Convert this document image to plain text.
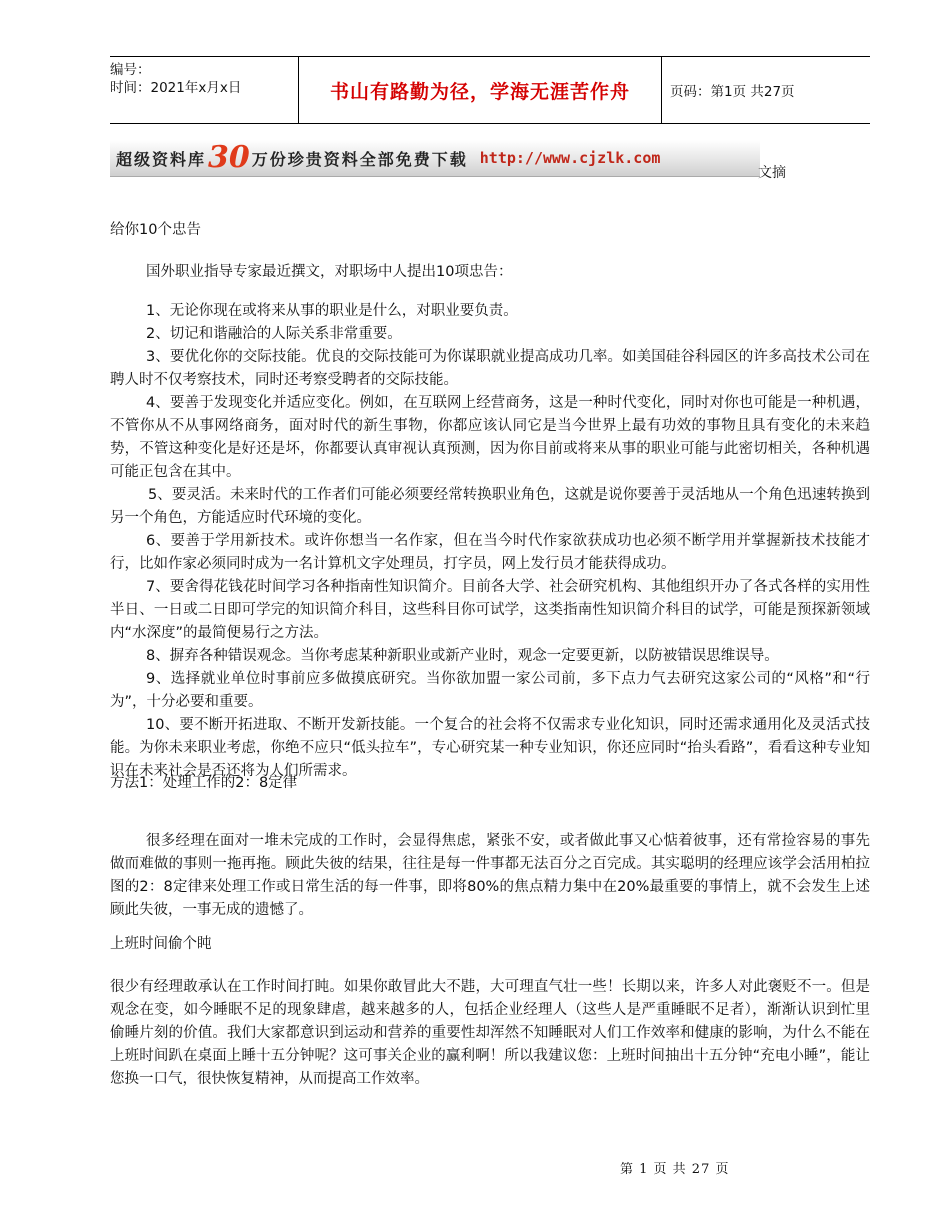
编号：
时间：2021年x月x日	书山有路勤为径，学海无涯苦作舟	页码：第1页 共27页
超级资料库 30 万份珍贵资料全部免费下载 http://www.cjzlk.com
文摘
给你10个忠告
国外职业指导专家最近撰文，对职场中人提出10项忠告：
1、无论你现在或将来从事的职业是什么，对职业要负责。
2、切记和谐融洽的人际关系非常重要。
3、要优化你的交际技能。优良的交际技能可为你谋职就业提高成功几率。如美国硅谷科园区的许多高技术公司在聘人时不仅考察技术，同时还考察受聘者的交际技能。
4、要善于发现变化并适应变化。例如，在互联网上经营商务，这是一种时代变化，同时对你也可能是一种机遇，不管你从不从事网络商务，面对时代的新生事物，你都应该认同它是当今世界上最有功效的事物且具有变化的未来趋势，不管这种变化是好还是坏，你都要认真审视认真预测，因为你目前或将来从事的职业可能与此密切相关，各种机遇可能正包含在其中。
5、要灵活。未来时代的工作者们可能必须要经常转换职业角色，这就是说你要善于灵活地从一个角色迅速转换到另一个角色，方能适应时代环境的变化。
6、要善于学用新技术。或许你想当一名作家，但在当今时代作家欲获成功也必须不断学用并掌握新技术技能才行，比如作家必须同时成为一名计算机文字处理员，打字员，网上发行员才能获得成功。
7、要舍得花钱花时间学习各种指南性知识简介。目前各大学、社会研究机构、其他组织开办了各式各样的实用性半日、一日或二日即可学完的知识简介科目，这些科目你可试学，这类指南性知识简介科目的试学，可能是预探新领域内“水深度”的最简便易行之方法。
8、摒弃各种错误观念。当你考虑某种新职业或新产业时，观念一定要更新，以防被错误思维误导。
9、选择就业单位时事前应多做摸底研究。当你欲加盟一家公司前，多下点力气去研究这家公司的“风格”和“行为”，十分必要和重要。
10、要不断开拓进取、不断开发新技能。一个复合的社会将不仅需求专业化知识，同时还需求通用化及灵活式技能。为你未来职业考虑，你绝不应只“低头拉车”，专心研究某一种专业知识，你还应同时“抬头看路”，看看这种专业知识在未来社会是否还将为人们所需求。
方法1：处理工作的2：8定律
很多经理在面对一堆未完成的工作时，会显得焦虑，紧张不安，或者做此事又心惦着彼事，还有常捡容易的事先做而难做的事则一拖再拖。顾此失彼的结果，往往是每一件事都无法百分之百完成。其实聪明的经理应该学会活用柏拉图的2：8定律来处理工作或日常生活的每一件事，即将80%的焦点精力集中在20%最重要的事情上，就不会发生上述顾此失彼，一事无成的遗憾了。
上班时间偷个盹
很少有经理敢承认在工作时间打盹。如果你敢冒此大不韪，大可理直气壮一些！长期以来，许多人对此褒贬不一。但是观念在变，如今睡眠不足的现象肆虐，越来越多的人，包括企业经理人（这些人是严重睡眠不足者），渐渐认识到忙里偷睡片刻的价值。我们大家都意识到运动和营养的重要性却浑然不知睡眠对人们工作效率和健康的影响，为什么不能在上班时间趴在桌面上睡十五分钟呢？这可事关企业的赢利啊！所以我建议您：上班时间抽出十五分钟“充电小睡”，能让您换一口气，很快恢复精神，从而提高工作效率。
第 1 页 共 27 页
